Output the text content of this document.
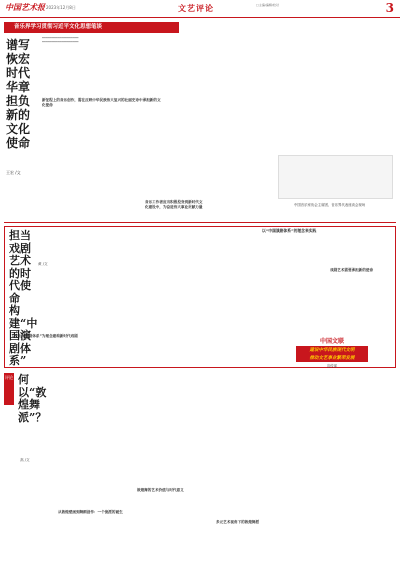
中国艺术报 2023年12月8日	文艺评论	□主编/编辑/校对	3
音乐界学习贯彻习近平文化思想笔谈
谱写恢宏时代华章 担负新的文化使命
新征程上的音乐创作，需在反映中华民族伟大复兴的壮丽史诗中承担新的文化使命
王宏 /文
━━━━━━━━━━━━━━━━━━━
━━━━━━━━━━━━━━━━━━━
音乐工作者应当积极投身到新时代文化建设中，为奋进伟大事业贡献力量	中国音乐家协会主席团、音乐界代表座谈会现场
担当戏剧艺术的时代使命 构建“中国演剧体系”
黄 /文
以“中国演剧体系”为理念建构新时代戏剧
以“中国演剧体系”的理念来实践
戏剧艺术需要承担新的使命
中国文联
建设中华民族现代文明
推动文艺事业繁荣发展
宣传部
评论 何以“敦煌舞派”？
高 /文
从敦煌壁画到舞蹈创作：一个流派的诞生
敦煌舞的艺术价值与时代意义
多元艺术视角下的敦煌舞派
